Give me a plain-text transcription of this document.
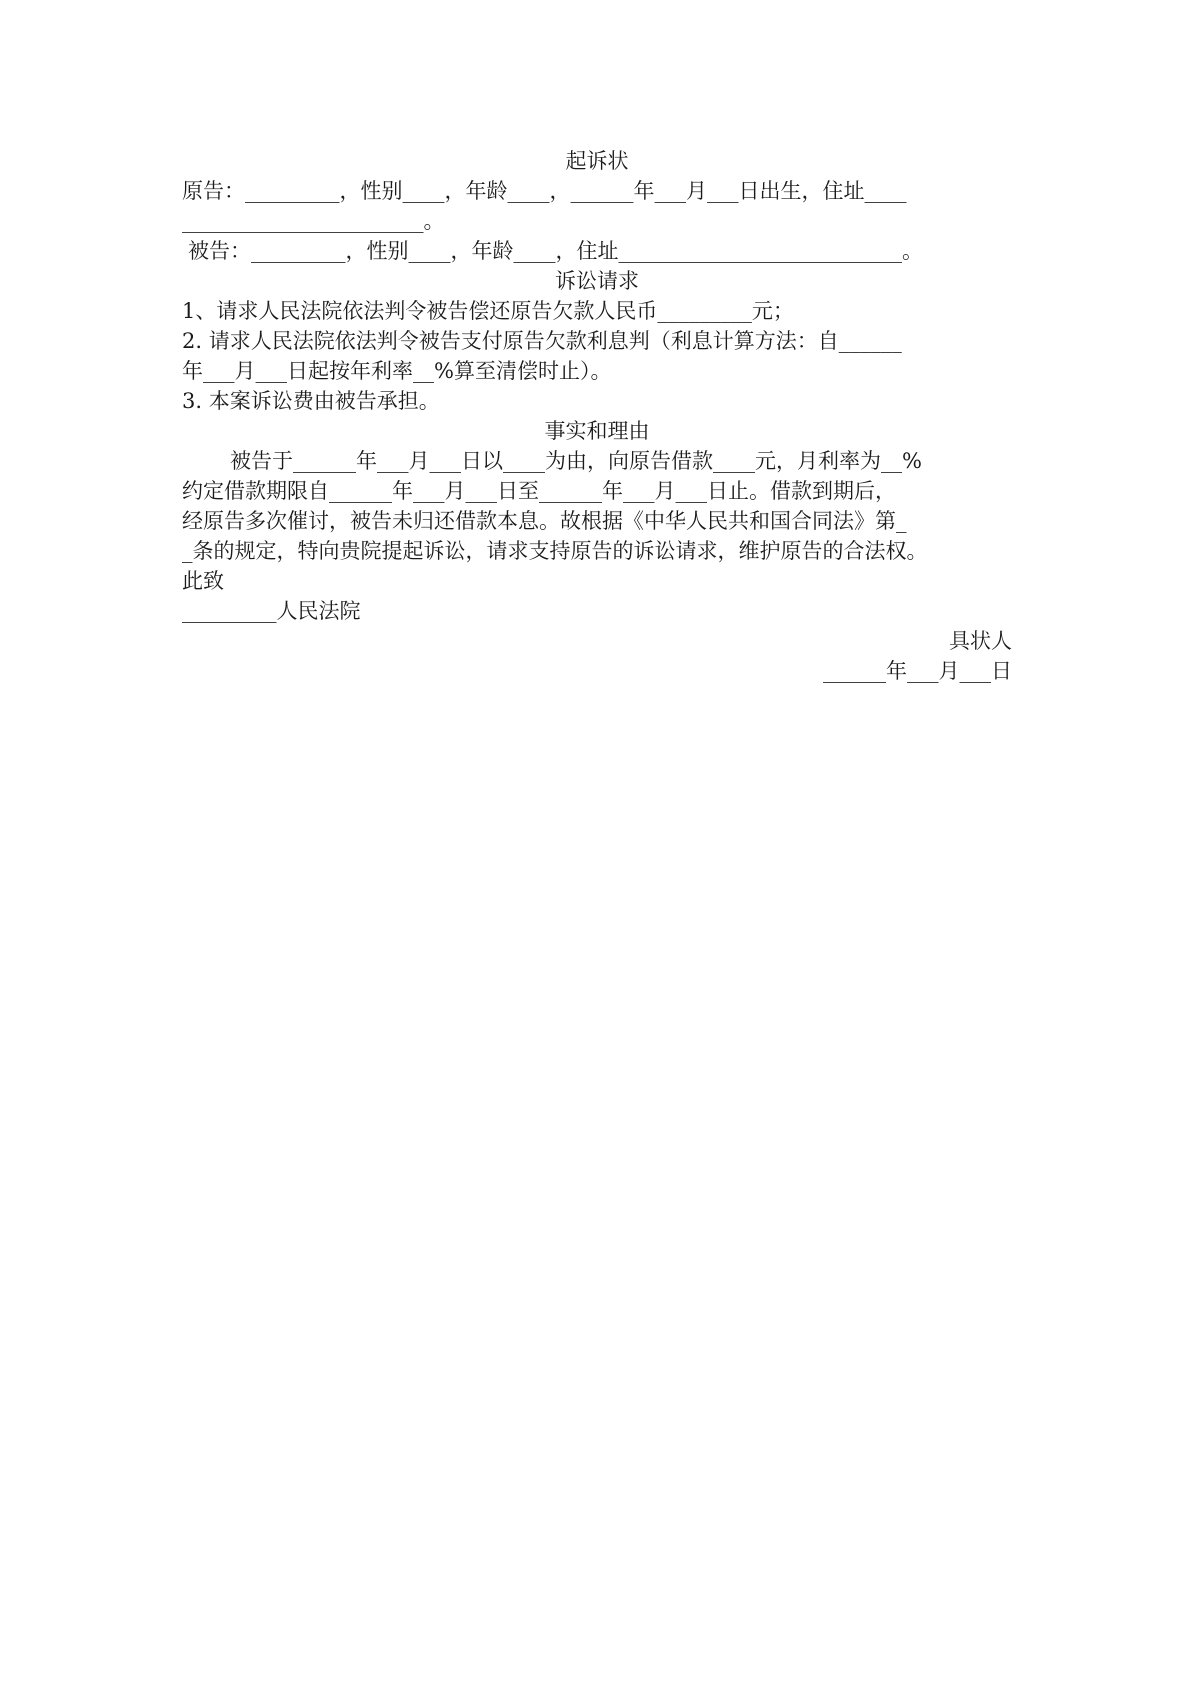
起诉状
原告：_________，性别____，年龄____，______年___月___日出生，住址____
_______________________。
被告：_________，性别____，年龄____，住址___________________________。
诉讼请求
1、请求人民法院依法判令被告偿还原告欠款人民币_________元；
2. 请求人民法院依法判令被告支付原告欠款利息判（利息计算方法：自______
年___月___日起按年利率__%算至清偿时止）。
3. 本案诉讼费由被告承担。
事实和理由
被告于______年___月___日以____为由，向原告借款____元，月利率为__%
约定借款期限自______年___月___日至______年___月___日止。借款到期后，
经原告多次催讨，被告未归还借款本息。故根据《中华人民共和国合同法》第_
_条的规定，特向贵院提起诉讼，请求支持原告的诉讼请求，维护原告的合法权。
此致
_________人民法院
具状人
______年___月___日
